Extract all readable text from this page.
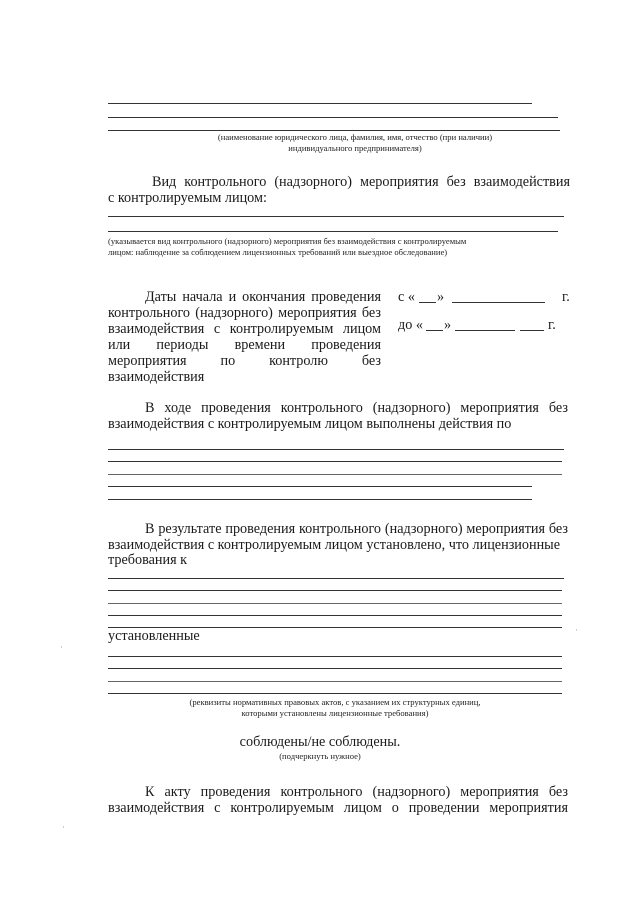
(наименование юридического лица, фамилия, имя, отчество (при наличии)
индивидуального предпринимателя)
Вид контрольного (надзорного) мероприятия без взаимодействия
с контролируемым лицом:
(указывается вид контрольного (надзорного) мероприятия без взаимодействия с контролируемым
лицом: наблюдение за соблюдением лицензионных требований или выездное обследование)
Даты начала и окончания проведения
контрольного (надзорного) мероприятия без
взаимодействия с контролируемым лицом
или периоды времени проведения
мероприятия по контролю без
взаимодействия
с « »	г.
до « »	г.
В ходе проведения контрольного (надзорного) мероприятия без
взаимодействия с контролируемым лицом выполнены действия по
В результате проведения контрольного (надзорного) мероприятия без
взаимодействия с контролируемым лицом установлено, что лицензионные
требования к
установленные
(реквизиты нормативных правовых актов, с указанием их структурных единиц,
которыми установлены лицензионные требования)
соблюдены/не соблюдены.
(подчеркнуть нужное)
К акту проведения контрольного (надзорного) мероприятия без
взаимодействия с контролируемым лицом о проведении мероприятия
·
·
·
